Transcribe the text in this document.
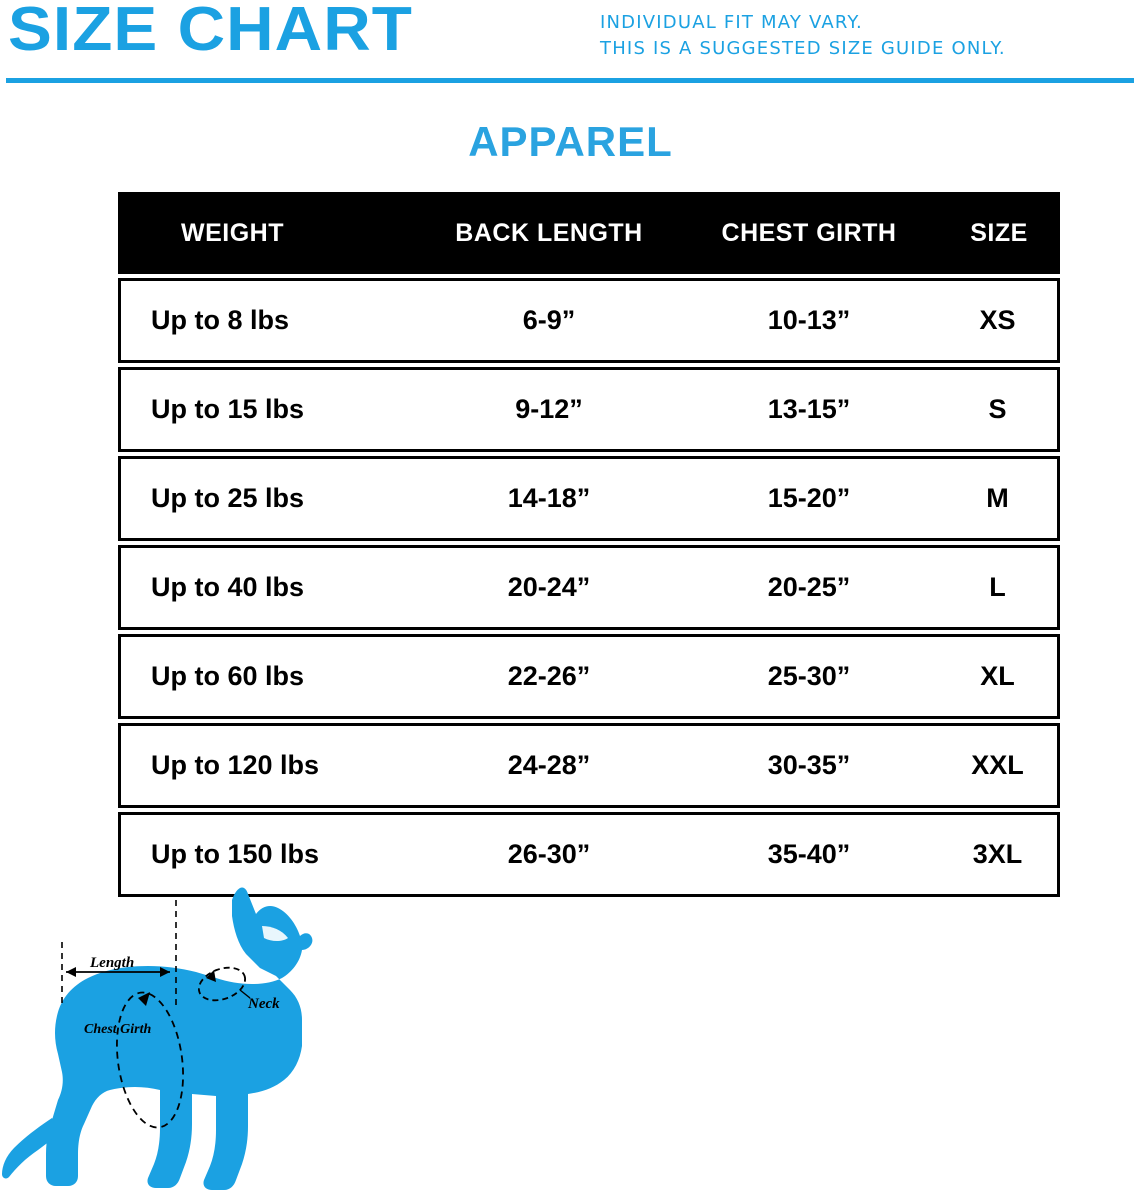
SIZE CHART	INDIVIDUAL FIT MAY VARY.
THIS IS A SUGGESTED SIZE GUIDE ONLY.
APPAREL
WEIGHT	BACK LENGTH	CHEST GIRTH	SIZE
Up to 8 lbs	6-9”	10-13”	XS
Up to 15 lbs	9-12”	13-15”	S
Up to 25 lbs	14-18”	15-20”	M
Up to 40 lbs	20-24”	20-25”	L
Up to 60 lbs	22-26”	25-30”	XL
Up to 120 lbs	24-28”	30-35”	XXL
Up to 150 lbs	26-30”	35-40”	3XL
Length
Chest Girth
Neck
